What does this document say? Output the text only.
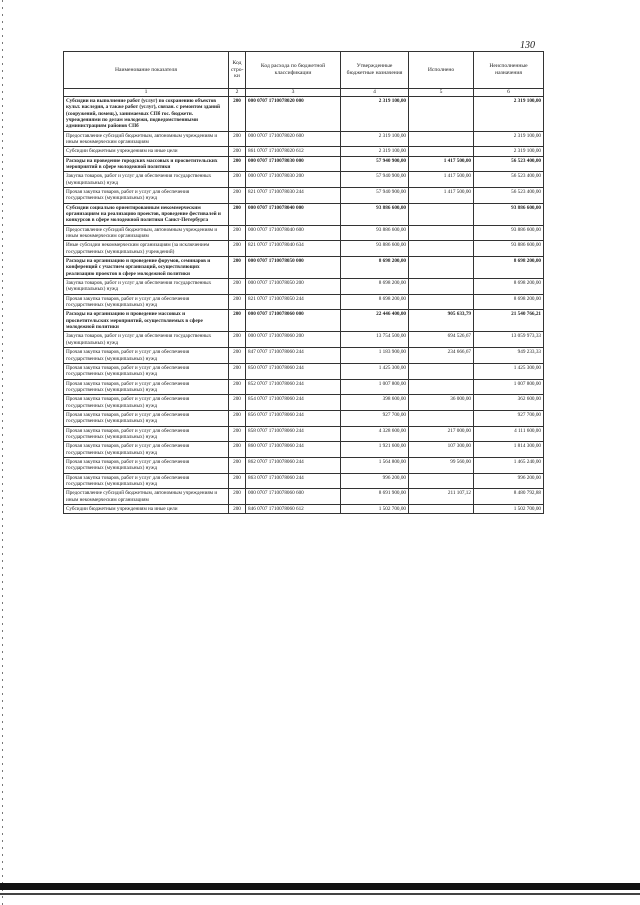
130
Наименование показателя	Код стро-ки	Код расхода по бюджетной классификации	Утвержденные бюджетные назначения	Исполнено	Неисполненные назначения
1	2	3	4	5	6
Субсидии на выполнение работ (услуг) по сохранению объектов культ. наследия, а также работ (услуг), связан. с ремонтом зданий (сооружений, помещ.), занимаемых СПб гос. бюджетн. учреждениями по делам молодежи, подведомственными администрациям районов СПб	200	000 0707 1710078020 000	2 319 100,00		2 319 100,00
Предоставление субсидий бюджетным, автономным учреждениям и иным некоммерческим организациям	200	000 0707 1710078020 600	2 319 100,00		2 319 100,00
Субсидии бюджетным учреждениям на иные цели	200	861 0707 1710078020 612	2 319 100,00		2 319 100,00
Расходы на проведение городских массовых и просветительских мероприятий в сфере молодежной политики	200	000 0707 1710078030 000	57 940 900,00	1 417 500,00	56 523 400,00
Закупка товаров, работ и услуг для обеспечения государственных (муниципальных) нужд	200	000 0707 1710078030 200	57 940 900,00	1 417 500,00	56 523 400,00
Прочая закупка товаров, работ и услуг для обеспечения государственных (муниципальных) нужд	200	821 0707 1710078030 244	57 940 900,00	1 417 500,00	56 523 400,00
Субсидии социально ориентированным некоммерческим организациям на реализацию проектов, проведение фестивалей и конкурсов в сфере молодежной политики Санкт-Петербурга	200	000 0707 1710078040 000	93 886 600,00		93 886 600,00
Предоставление субсидий бюджетным, автономным учреждениям и иным некоммерческим организациям	200	000 0707 1710078040 600	93 886 600,00		93 886 600,00
Иные субсидии некоммерческим организациям (за исключением государственных (муниципальных) учреждений)	200	821 0707 1710078040 634	93 886 600,00		93 886 600,00
Расходы на организацию и проведение форумов, семинаров и конференций с участием организаций, осуществляющих реализацию проектов в сфере молодежной политики	200	000 0707 1710078050 000	8 698 200,00		8 698 200,00
Закупка товаров, работ и услуг для обеспечения государственных (муниципальных) нужд	200	000 0707 1710078050 200	8 698 200,00		8 698 200,00
Прочая закупка товаров, работ и услуг для обеспечения государственных (муниципальных) нужд	200	821 0707 1710078050 244	8 698 200,00		8 698 200,00
Расходы на организацию и проведение массовых и просветительских мероприятий, осуществляемых в сфере молодежной политики	200	000 0707 1710078060 000	22 446 400,00	905 633,79	21 540 766,21
Закупка товаров, работ и услуг для обеспечения государственных (муниципальных) нужд	200	000 0707 1710078060 200	13 754 500,00	694 526,67	13 059 973,33
Прочая закупка товаров, работ и услуг для обеспечения государственных (муниципальных) нужд	200	847 0707 1710078060 244	1 183 900,00	234 666,67	949 233,33
Прочая закупка товаров, работ и услуг для обеспечения государственных (муниципальных) нужд	200	850 0707 1710078060 244	1 425 300,00		1 425 300,00
Прочая закупка товаров, работ и услуг для обеспечения государственных (муниципальных) нужд	200	852 0707 1710078060 244	1 007 800,00		1 007 800,00
Прочая закупка товаров, работ и услуг для обеспечения государственных (муниципальных) нужд	200	854 0707 1710078060 244	398 600,00	36 000,00	362 600,00
Прочая закупка товаров, работ и услуг для обеспечения государственных (муниципальных) нужд	200	856 0707 1710078060 244	927 700,00		927 700,00
Прочая закупка товаров, работ и услуг для обеспечения государственных (муниципальных) нужд	200	858 0707 1710078060 244	4 328 600,00	217 000,00	4 111 600,00
Прочая закупка товаров, работ и услуг для обеспечения государственных (муниципальных) нужд	200	860 0707 1710078060 244	1 921 600,00	107 300,00	1 814 300,00
Прочая закупка товаров, работ и услуг для обеспечения государственных (муниципальных) нужд	200	862 0707 1710078060 244	1 564 800,00	99 560,00	1 465 240,00
Прочая закупка товаров, работ и услуг для обеспечения государственных (муниципальных) нужд	200	863 0707 1710078060 244	996 200,00		996 200,00
Предоставление субсидий бюджетным, автономным учреждениям и иным некоммерческим организациям	200	000 0707 1710078060 600	8 691 900,00	211 107,12	8 480 792,88
Субсидии бюджетным учреждениям на иные цели	200	846 0707 1710078060 612	1 502 700,00		1 502 700,00
